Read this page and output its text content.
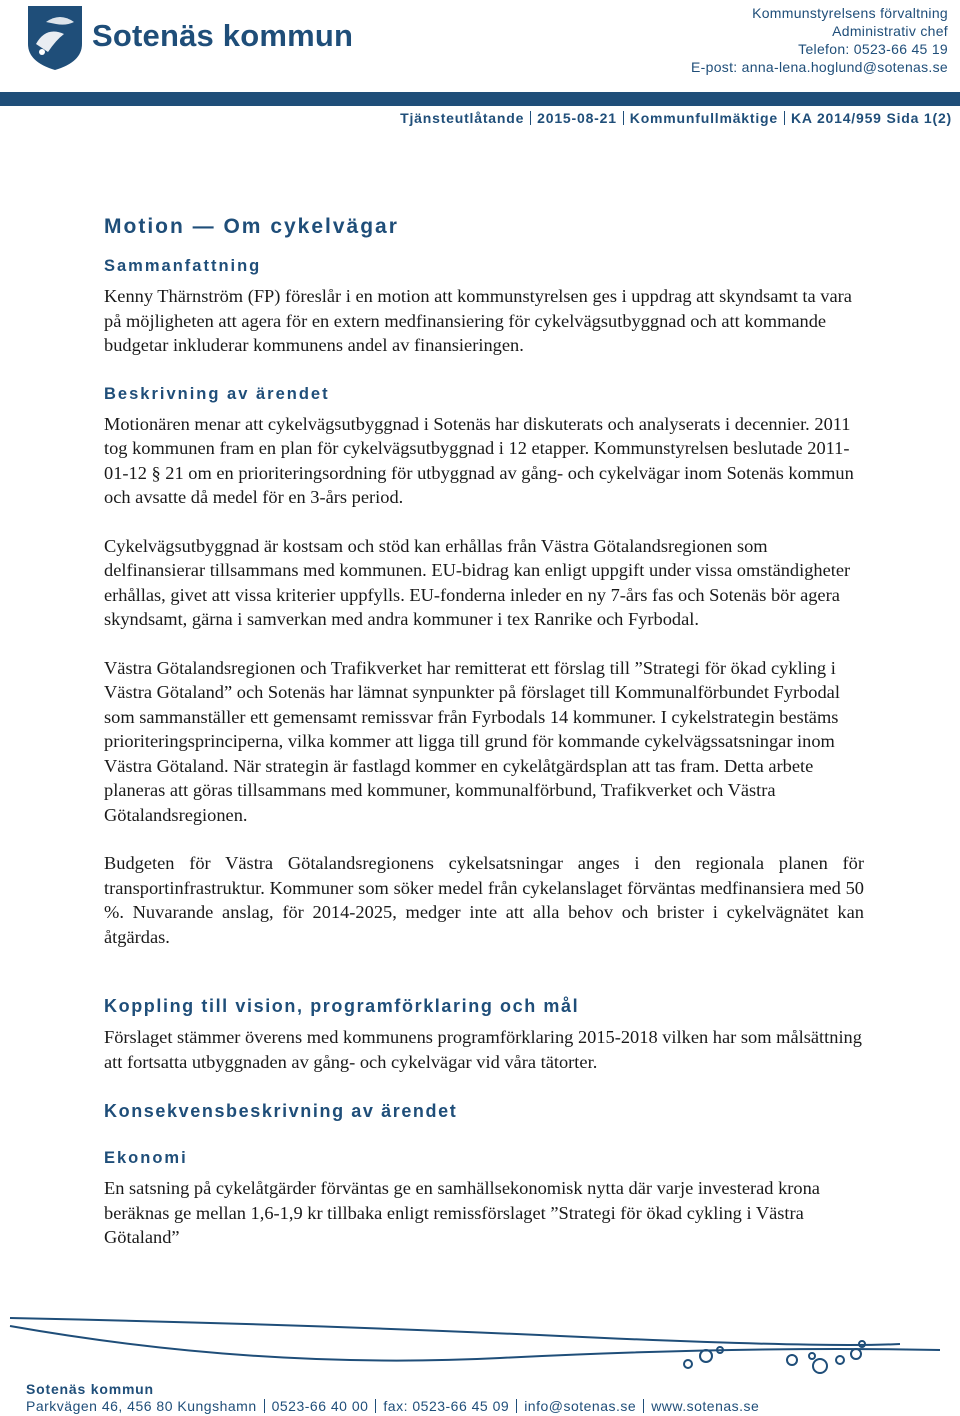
Sotenäs kommun
Kommunstyrelsens förvaltning
Administrativ chef
Telefon: 0523-66 45 19
E-post: anna-lena.hoglund@sotenas.se
Tjänsteutlåtande 2015-08-21 Kommunfullmäktige KA 2014/959 Sida 1(2)
Motion — Om cykelvägar
Sammanfattning

Kenny Thärnström (FP) föreslår i en motion att kommunstyrelsen ges i uppdrag att skyndsamt ta vara på möjligheten att agera för en extern medfinansiering för cykelvägsutbyggnad och att kommande budgetar inkluderar kommunens andel av finansieringen.

Beskrivning av ärendet

Motionären menar att cykelvägsutbyggnad i Sotenäs har diskuterats och analyserats i decennier. 2011 tog kommunen fram en plan för cykelvägsutbyggnad i 12 etapper. Kommunstyrelsen beslutade 2011-01-12 § 21 om en prioriteringsordning för utbyggnad av gång- och cykelvägar inom Sotenäs kommun och avsatte då medel för en 3-års period.

Cykelvägsutbyggnad är kostsam och stöd kan erhållas från Västra Götalandsregionen som delfinansierar tillsammans med kommunen. EU-bidrag kan enligt uppgift under vissa omständigheter erhållas, givet att vissa kriterier uppfylls. EU-fonderna inleder en ny 7-års fas och Sotenäs bör agera skyndsamt, gärna i samverkan med andra kommuner i tex Ranrike och Fyrbodal.

Västra Götalandsregionen och Trafikverket har remitterat ett förslag till ”Strategi för ökad cykling i Västra Götaland” och Sotenäs har lämnat synpunkter på förslaget till Kommunalförbundet Fyrbodal som sammanställer ett gemensamt remissvar från Fyrbodals 14 kommuner. I cykelstrategin bestäms prioriteringsprinciperna, vilka kommer att ligga till grund för kommande cykelvägssatsningar inom Västra Götaland. När strategin är fastlagd kommer en cykelåtgärdsplan att tas fram. Detta arbete planeras att göras tillsammans med kommuner, kommunalförbund, Trafikverket och Västra Götalandsregionen.

Budgeten för Västra Götalandsregionens cykelsatsningar anges i den regionala planen för transportinfrastruktur. Kommuner som söker medel från cykelanslaget förväntas medfinansiera med 50 %. Nuvarande anslag, för 2014-2025, medger inte att alla behov och brister i cykelvägnätet kan åtgärdas.

Koppling till vision, programförklaring och mål

Förslaget stämmer överens med kommunens programförklaring 2015-2018 vilken har som målsättning att fortsatta utbyggnaden av gång- och cykelvägar vid våra tätorter.

Konsekvensbeskrivning av ärendet
Ekonomi

En satsning på cykelåtgärder förväntas ge en samhällsekonomisk nytta där varje investerad krona beräknas ge mellan 1,6-1,9 kr tillbaka enligt remissförslaget ”Strategi för ökad cykling i Västra Götaland”

Sotenäs kommun
Parkvägen 46, 456 80 Kungshamn 0523-66 40 00 fax: 0523-66 45 09 info@sotenas.se www.sotenas.se
